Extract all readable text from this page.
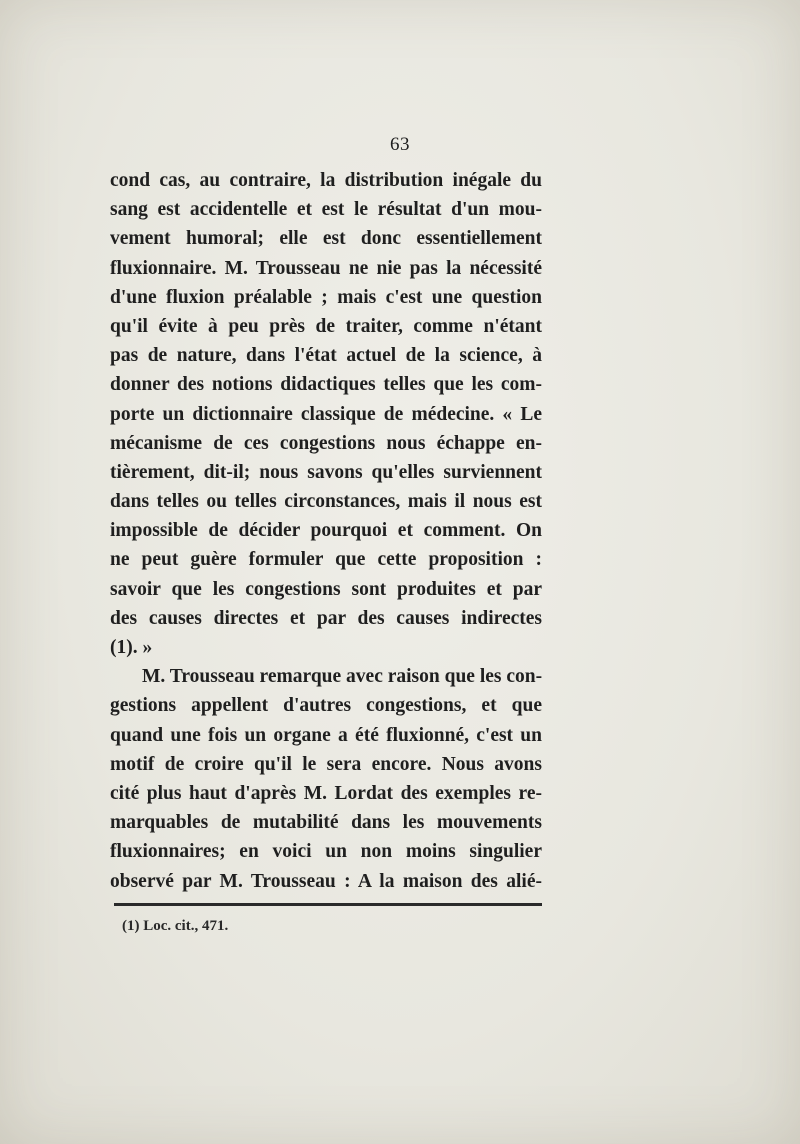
63
cond cas, au contraire, la distribution inégale du
sang est accidentelle et est le résultat d'un mou-
vement humoral; elle est donc essentiellement
fluxionnaire. M. Trousseau ne nie pas la nécessité
d'une fluxion préalable ; mais c'est une question
qu'il évite à peu près de traiter, comme n'étant
pas de nature, dans l'état actuel de la science, à
donner des notions didactiques telles que les com-
porte un dictionnaire classique de médecine. « Le
mécanisme de ces congestions nous échappe en-
tièrement, dit-il; nous savons qu'elles surviennent
dans telles ou telles circonstances, mais il nous est
impossible de décider pourquoi et comment. On
ne peut guère formuler que cette proposition :
savoir que les congestions sont produites et par
des causes directes et par des causes indirectes
(1). »
M. Trousseau remarque avec raison que les con-
gestions appellent d'autres congestions, et que
quand une fois un organe a été fluxionné, c'est un
motif de croire qu'il le sera encore. Nous avons
cité plus haut d'après M. Lordat des exemples re-
marquables de mutabilité dans les mouvements
fluxionnaires; en voici un non moins singulier
observé par M. Trousseau : A la maison des alié-
(1) Loc. cit., 471.
